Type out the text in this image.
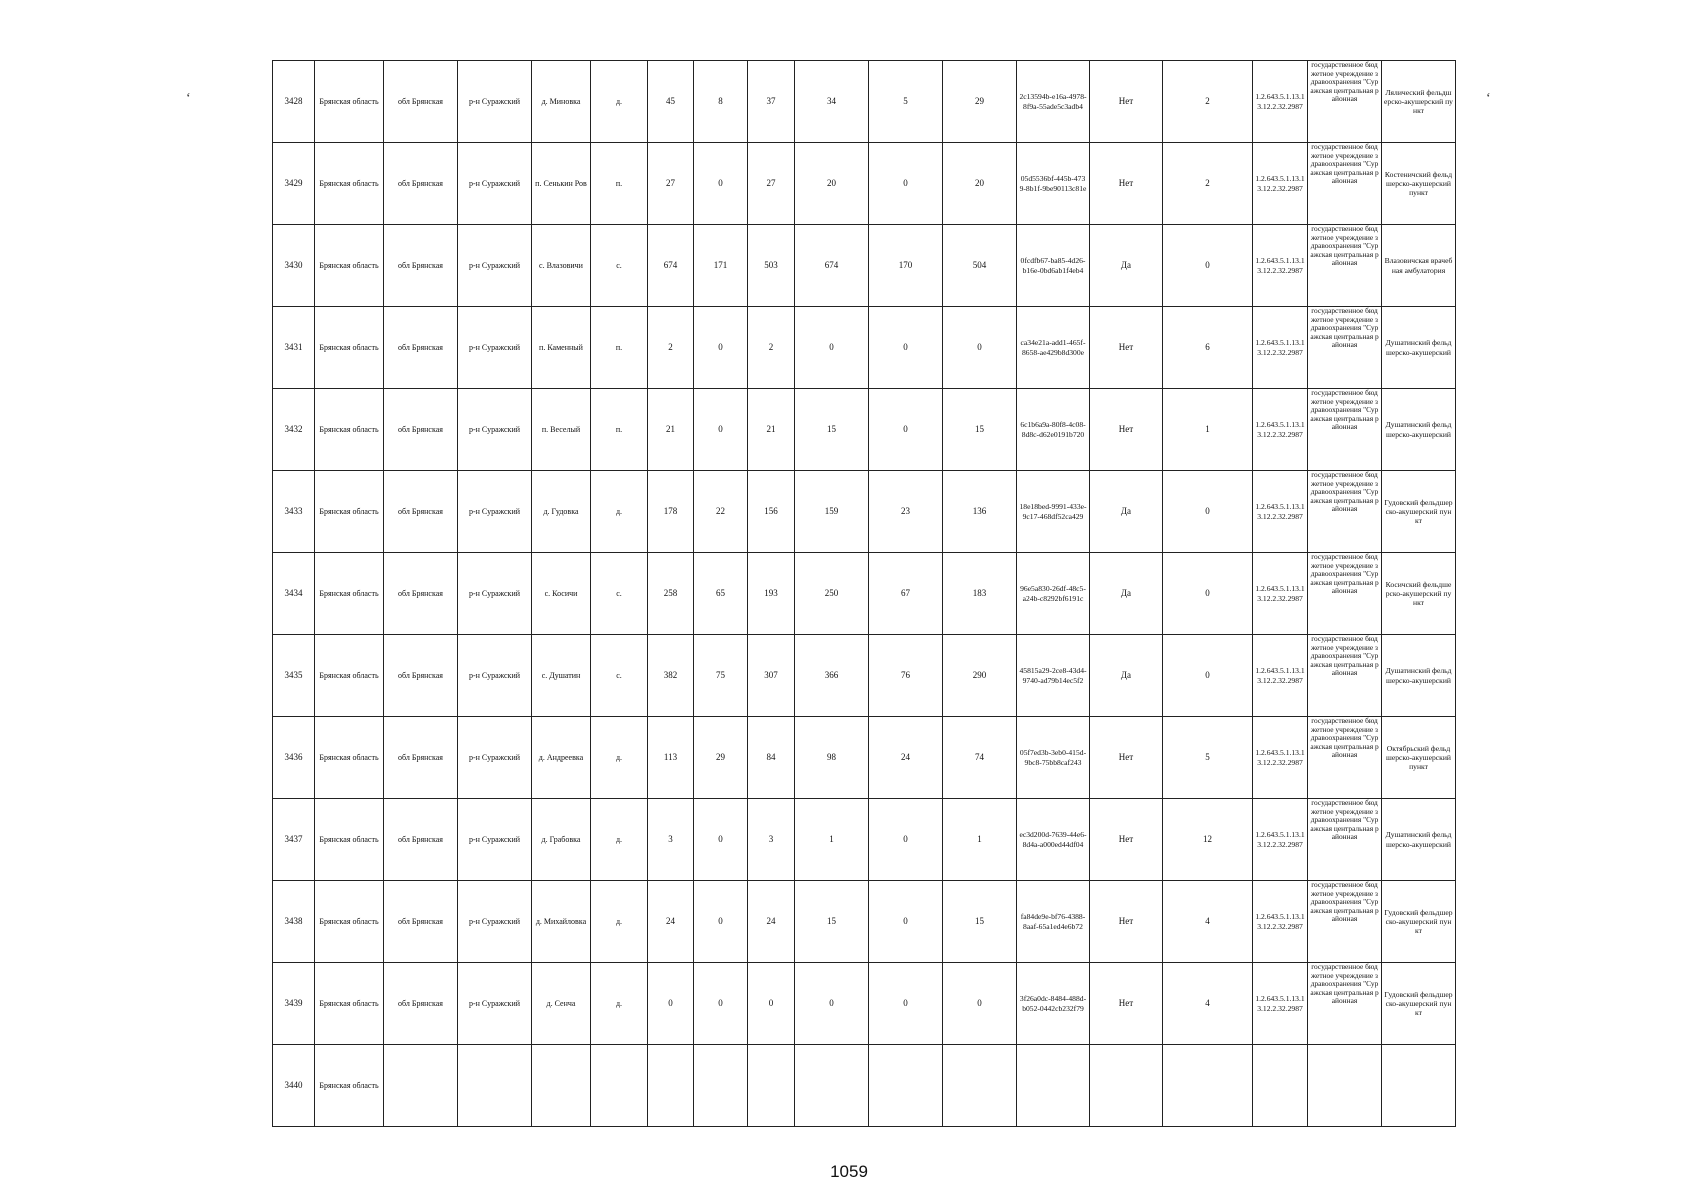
‘	‘
3428	Брянская область	обл Брянская	р-н Суражский	д. Миновка	д.	45	8	37	34	5	29	2c13594b-e16a-4978-8f9a-55ade5c3adb4	Нет	2	1.2.643.5.1.13.13.12.2.32.2987	государственное бюджетное учреждение здравоохранения "Суражская центральная районная	Лялический фельдшерско-акушерский пункт
3429	Брянская область	обл Брянская	р-н Суражский	п. Сенькин Ров	п.	27	0	27	20	0	20	05d5536bf-445b-4739-8b1f-9be90113c81e	Нет	2	1.2.643.5.1.13.13.12.2.32.2987	государственное бюджетное учреждение здравоохранения "Суражская центральная районная	Костеничский фельдшерско-акушерский пункт
3430	Брянская область	обл Брянская	р-н Суражский	с. Влазовичи	с.	674	171	503	674	170	504	0fcdfb67-ba85-4d26-b16e-0bd6ab1f4eb4	Да	0	1.2.643.5.1.13.13.12.2.32.2987	государственное бюджетное учреждение здравоохранения "Суражская центральная районная	Влазовичская врачебная амбулатория
3431	Брянская область	обл Брянская	р-н Суражский	п. Каменный	п.	2	0	2	0	0	0	ca34e21a-add1-465f-8658-ae429b8d300e	Нет	6	1.2.643.5.1.13.13.12.2.32.2987	государственное бюджетное учреждение здравоохранения "Суражская центральная районная	Душатинский фельдшерско-акушерский
3432	Брянская область	обл Брянская	р-н Суражский	п. Веселый	п.	21	0	21	15	0	15	6c1b6a9a-80f8-4c08-8d8c-d62e0191b720	Нет	1	1.2.643.5.1.13.13.12.2.32.2987	государственное бюджетное учреждение здравоохранения "Суражская центральная районная	Душатинский фельдшерско-акушерский
3433	Брянская область	обл Брянская	р-н Суражский	д. Гудовка	д.	178	22	156	159	23	136	18e18bed-9991-433e-9c17-468df52ca429	Да	0	1.2.643.5.1.13.13.12.2.32.2987	государственное бюджетное учреждение здравоохранения "Суражская центральная районная	Гудовский фельдшерско-акушерский пункт
3434	Брянская область	обл Брянская	р-н Суражский	с. Косичи	с.	258	65	193	250	67	183	96e5a830-26df-48c5-a24b-c8292bf6191c	Да	0	1.2.643.5.1.13.13.12.2.32.2987	государственное бюджетное учреждение здравоохранения "Суражская центральная районная	Косичский фельдшерско-акушерский пункт
3435	Брянская область	обл Брянская	р-н Суражский	с. Душатин	с.	382	75	307	366	76	290	45815a29-2ce8-43d4-9740-ad79b14ec5f2	Да	0	1.2.643.5.1.13.13.12.2.32.2987	государственное бюджетное учреждение здравоохранения "Суражская центральная районная	Душатинский фельдшерско-акушерский
3436	Брянская область	обл Брянская	р-н Суражский	д. Андреевка	д.	113	29	84	98	24	74	05f7ed3b-3eb0-415d-9bc8-75bb8caf243	Нет	5	1.2.643.5.1.13.13.12.2.32.2987	государственное бюджетное учреждение здравоохранения "Суражская центральная районная	Октябрьский фельдшерско-акушерский пункт
3437	Брянская область	обл Брянская	р-н Суражский	д. Грабовка	д.	3	0	3	1	0	1	ec3d200d-7639-44e6-8d4a-a000ed44df04	Нет	12	1.2.643.5.1.13.13.12.2.32.2987	государственное бюджетное учреждение здравоохранения "Суражская центральная районная	Душатинский фельдшерско-акушерский
3438	Брянская область	обл Брянская	р-н Суражский	д. Михайловка	д.	24	0	24	15	0	15	fa84de9e-bf76-4388-8aaf-65a1ed4e6b72	Нет	4	1.2.643.5.1.13.13.12.2.32.2987	государственное бюджетное учреждение здравоохранения "Суражская центральная районная	Гудовский фельдшерско-акушерский пункт
3439	Брянская область	обл Брянская	р-н Суражский	д. Сенча	д.	0	0	0	0	0	0	3f26a0dc-8484-488d-b052-0442cb232f79	Нет	4	1.2.643.5.1.13.13.12.2.32.2987	государственное бюджетное учреждение здравоохранения "Суражская центральная районная	Гудовский фельдшерско-акушерский пункт
3440	Брянская область																
1059
